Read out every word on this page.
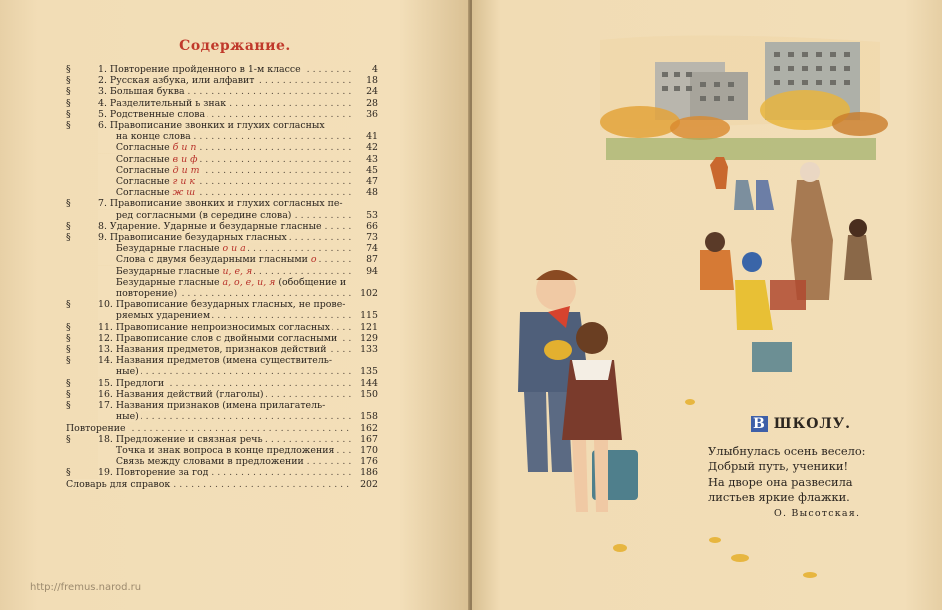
Содержание.
§	1. Повторение пройденного в 1-м классе . . .	4
§	2. Русская азбука, или алфавит . . .	18
§	3. Большая буква . . .	24
§	4. Разделительный ь знак . . .	28
§	5. Родственные слова . . .	36
§	6. Правописание звонких и глухих согласных
на конце слова . . .	41
Согласные б и п . . .	42
Согласные в и ф . . .	43
Согласные д и т . . .	45
Согласные г и к . . .	47
Согласные ж ш . . .	48
§	7. Правописание звонких и глухих согласных пе-
ред согласными (в середине слова) . . .	53
§	8. Ударение. Ударные и безударные гласные . . .	66
§	9. Правописание безударных гласных . . .	73
Безударные гласные о и а . . .	74
Слова с двумя безударными гласными о . . .	87
Безударные гласные и, е, я . . .	94
Безударные гласные а, о, е, и, я (обобщение и
повторение) . . .	102
§	10. Правописание безударных гласных, не прове-
ряемых ударением . . .	115
§	11. Правописание непроизносимых согласных . . .	121
§	12. Правописание слов с двойными согласными . . .	129
§	13. Названия предметов, признаков действий . . .	133
§	14. Названия предметов (имена существитель-
ные) . . .	135
§	15. Предлоги . . .	144
§	16. Названия действий (глаголы) . . .	150
§	17. Названия признаков (имена прилагатель-
ные) . . .	158
Повторение . . .	162
§	18. Предложение и связная речь . . .	167
Точка и знак вопроса в конце предложения . . .	170
Связь между словами в предложении . . .	176
§	19. Повторение за год . . .	186
Словарь для справок . . .	202
http://fremus.narod.ru
В ШКОЛУ.
Улыбнулась осень весело:
Добрый путь, ученики!
На дворе она развесила
листьев яркие флажки.
О. Высотская.
